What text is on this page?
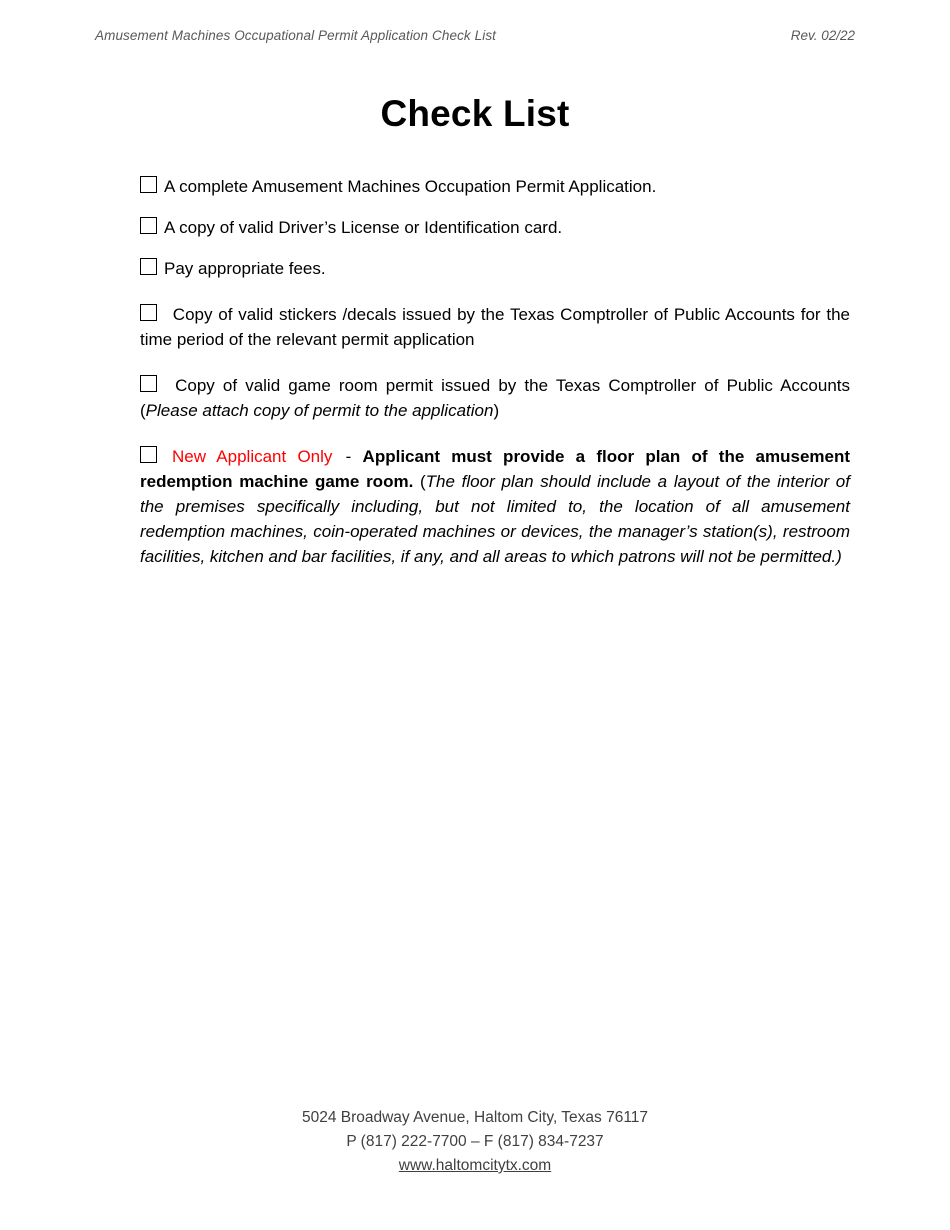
Amusement Machines Occupational Permit Application Check List	Rev. 02/22
Check List
A complete Amusement Machines Occupation Permit Application.
A copy of valid Driver’s License or Identification card.
Pay appropriate fees.
Copy of valid stickers /decals issued by the Texas Comptroller of Public Accounts for the time period of the relevant permit application
Copy of valid game room permit issued by the Texas Comptroller of Public Accounts (Please attach copy of permit to the application)
New Applicant Only - Applicant must provide a floor plan of the amusement redemption machine game room. (The floor plan should include a layout of the interior of the premises specifically including, but not limited to, the location of all amusement redemption machines, coin-operated machines or devices, the manager’s station(s), restroom facilities, kitchen and bar facilities, if any, and all areas to which patrons will not be permitted.)
5024 Broadway Avenue, Haltom City, Texas 76117
P (817) 222-7700 – F (817) 834-7237
www.haltomcitytx.com
